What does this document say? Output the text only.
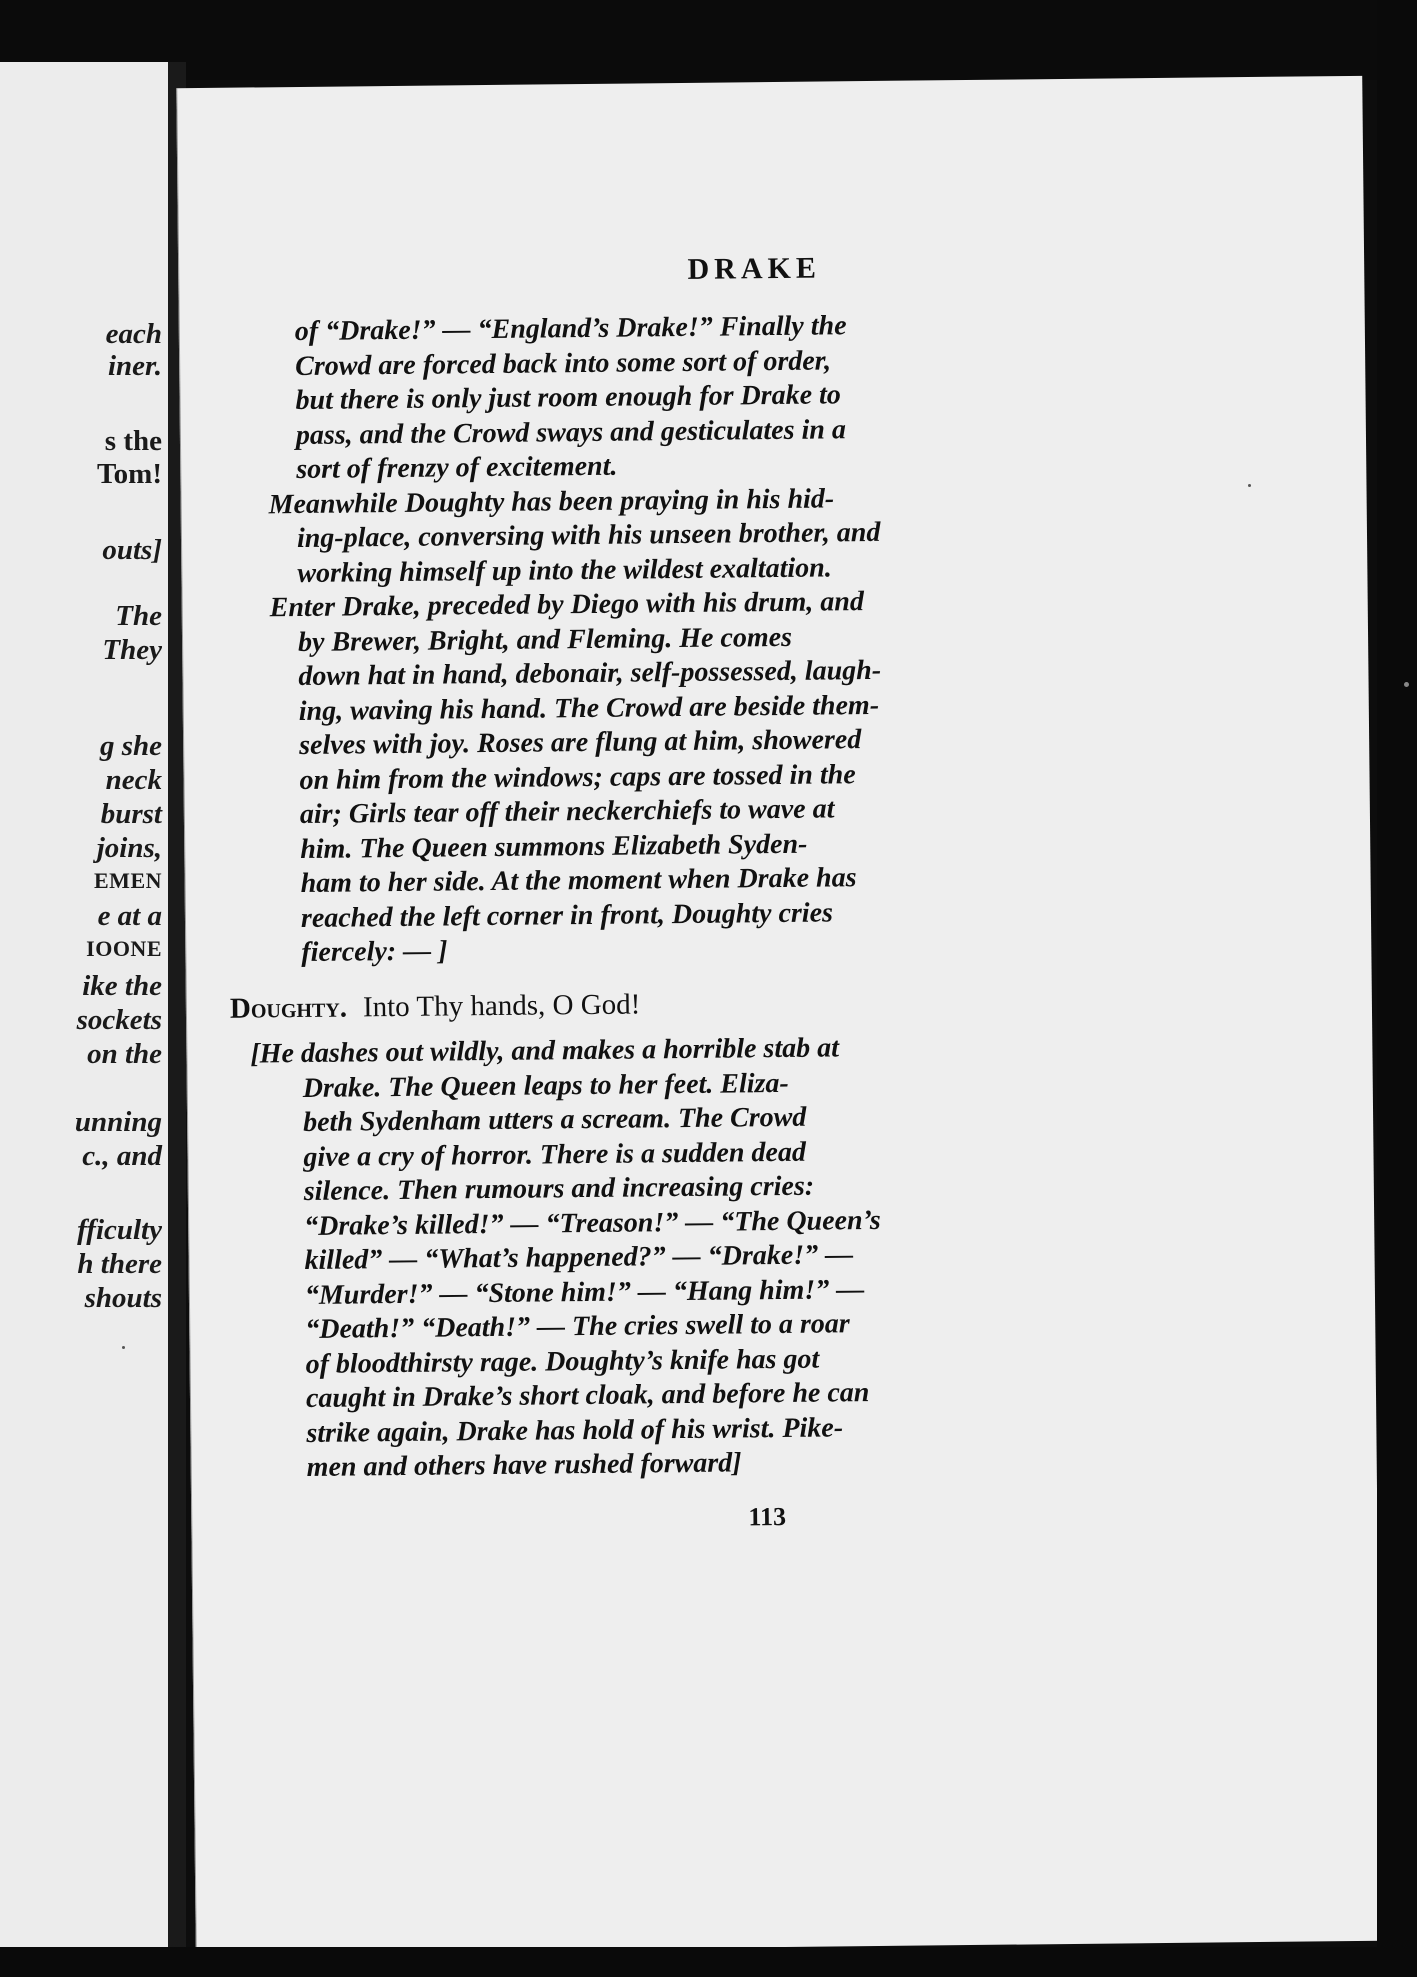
each
iner.
s the
Tom!
outs]
The
They
g she
neck
burst
joins,
EMEN
e at a
IOONE
ike the
sockets
on the
unning
c., and
fficulty
h there
shouts
DRAKE
of “Drake!” — “England’s Drake!” Finally the
Crowd are forced back into some sort of order,
but there is only just room enough for Drake to
pass, and the Crowd sways and gesticulates in a
sort of frenzy of excitement.
Meanwhile Doughty has been praying in his hid-
ing-place, conversing with his unseen brother, and
working himself up into the wildest exaltation.
Enter Drake, preceded by Diego with his drum, and
by Brewer, Bright, and Fleming. He comes
down hat in hand, debonair, self-possessed, laugh-
ing, waving his hand. The Crowd are beside them-
selves with joy. Roses are flung at him, showered
on him from the windows; caps are tossed in the
air; Girls tear off their neckerchiefs to wave at
him. The Queen summons Elizabeth Syden-
ham to her side. At the moment when Drake has
reached the left corner in front, Doughty cries
fiercely: — ]
Doughty. Into Thy hands, O God!
[He dashes out wildly, and makes a horrible stab at
Drake. The Queen leaps to her feet. Eliza-
beth Sydenham utters a scream. The Crowd
give a cry of horror. There is a sudden dead
silence. Then rumours and increasing cries:
“Drake’s killed!” — “Treason!” — “The Queen’s
killed” — “What’s happened?” — “Drake!” —
“Murder!” — “Stone him!” — “Hang him!” —
“Death!” “Death!” — The cries swell to a roar
of bloodthirsty rage. Doughty’s knife has got
caught in Drake’s short cloak, and before he can
strike again, Drake has hold of his wrist. Pike-
men and others have rushed forward]
113
